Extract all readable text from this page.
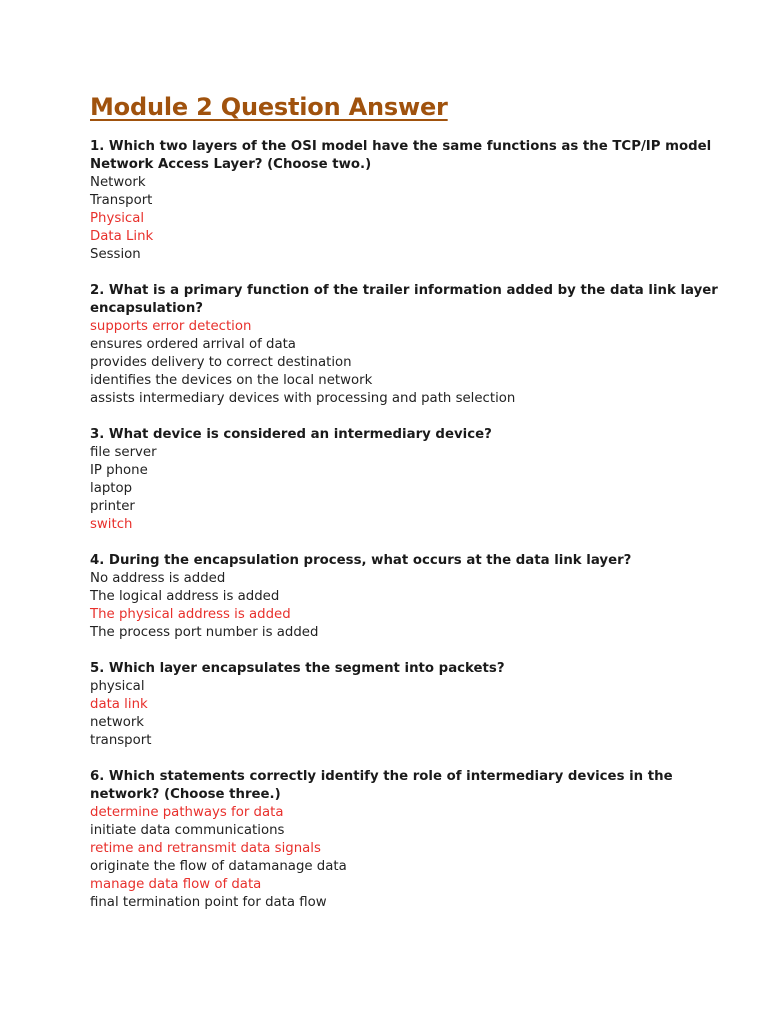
Module 2 Question Answer

1. Which two layers of the OSI model have the same functions as the TCP/IP model Network Access Layer? (Choose two.)

Network
Transport
Physical
Data Link
Session

2. What is a primary function of the trailer information added by the data link layer encapsulation?

supports error detection
ensures ordered arrival of data
provides delivery to correct destination
identifies the devices on the local network
assists intermediary devices with processing and path selection

3. What device is considered an intermediary device?

file server
IP phone
laptop
printer
switch

4. During the encapsulation process, what occurs at the data link layer?

No address is added
The logical address is added
The physical address is added
The process port number is added

5. Which layer encapsulates the segment into packets?

physical
data link
network
transport

6. Which statements correctly identify the role of intermediary devices in the network? (Choose three.)

determine pathways for data
initiate data communications
retime and retransmit data signals
originate the flow of datamanage data
manage data flow of data
final termination point for data flow
